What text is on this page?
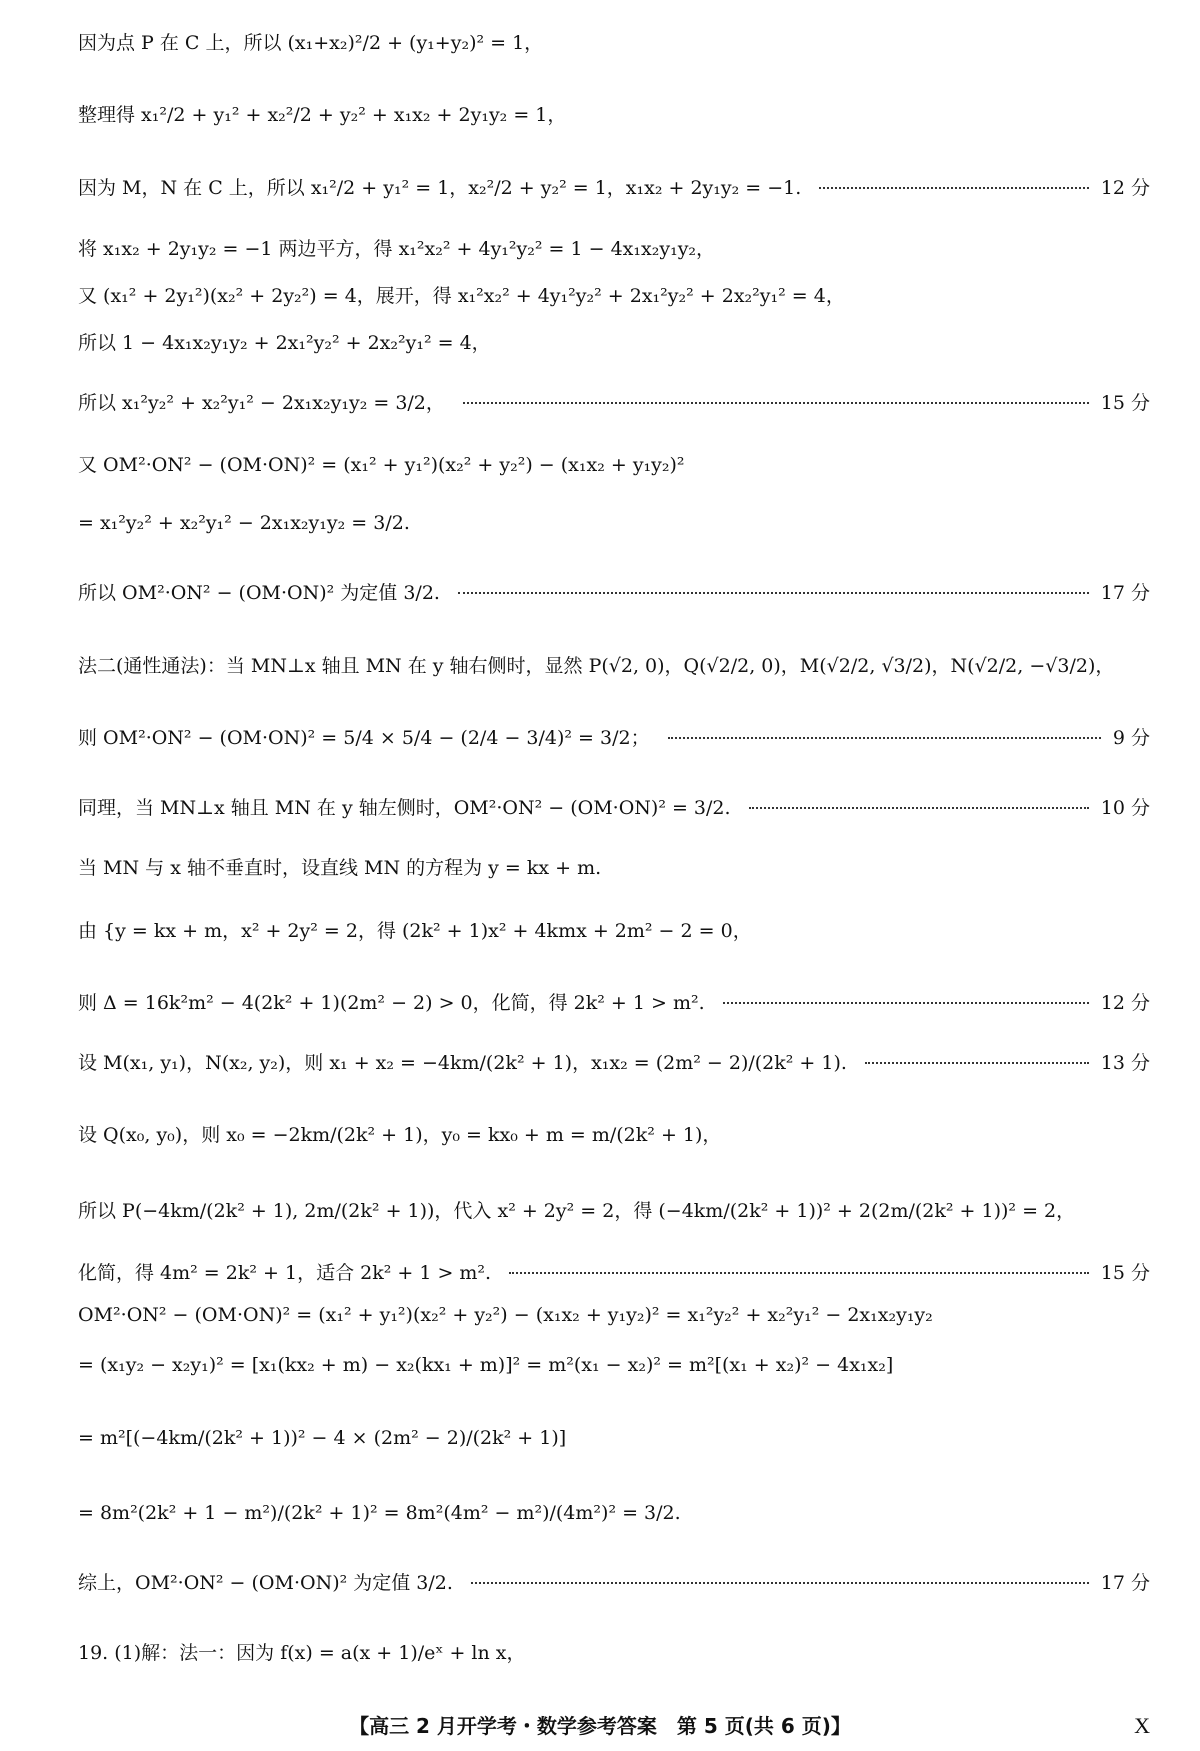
因为点 P 在 C 上，所以 (x₁+x₂)²/2 + (y₁+y₂)² = 1，
整理得 x₁²/2 + y₁² + x₂²/2 + y₂² + x₁x₂ + 2y₁y₂ = 1，
因为 M，N 在 C 上，所以 x₁²/2 + y₁² = 1，x₂²/2 + y₂² = 1，x₁x₂ + 2y₁y₂ = −1.	12 分
将 x₁x₂ + 2y₁y₂ = −1 两边平方，得 x₁²x₂² + 4y₁²y₂² = 1 − 4x₁x₂y₁y₂，
又 (x₁² + 2y₁²)(x₂² + 2y₂²) = 4，展开，得 x₁²x₂² + 4y₁²y₂² + 2x₁²y₂² + 2x₂²y₁² = 4，
所以 1 − 4x₁x₂y₁y₂ + 2x₁²y₂² + 2x₂²y₁² = 4，
所以 x₁²y₂² + x₂²y₁² − 2x₁x₂y₁y₂ = 3/2，	15 分
又 OM²·ON² − (OM·ON)² = (x₁² + y₁²)(x₂² + y₂²) − (x₁x₂ + y₁y₂)²
= x₁²y₂² + x₂²y₁² − 2x₁x₂y₁y₂ = 3/2.
所以 OM²·ON² − (OM·ON)² 为定值 3/2.	17 分
法二(通性通法)：当 MN⊥x 轴且 MN 在 y 轴右侧时，显然 P(√2, 0)，Q(√2/2, 0)，M(√2/2, √3/2)，N(√2/2, −√3/2)，
则 OM²·ON² − (OM·ON)² = 5/4 × 5/4 − (2/4 − 3/4)² = 3/2；	9 分
同理，当 MN⊥x 轴且 MN 在 y 轴左侧时，OM²·ON² − (OM·ON)² = 3/2.	10 分
当 MN 与 x 轴不垂直时，设直线 MN 的方程为 y = kx + m.
由 {y = kx + m，x² + 2y² = 2，得 (2k² + 1)x² + 4kmx + 2m² − 2 = 0，
则 Δ = 16k²m² − 4(2k² + 1)(2m² − 2) > 0，化简，得 2k² + 1 > m².	12 分
设 M(x₁, y₁)，N(x₂, y₂)，则 x₁ + x₂ = −4km/(2k² + 1)，x₁x₂ = (2m² − 2)/(2k² + 1).	13 分
设 Q(x₀, y₀)，则 x₀ = −2km/(2k² + 1)，y₀ = kx₀ + m = m/(2k² + 1)，
所以 P(−4km/(2k² + 1), 2m/(2k² + 1))，代入 x² + 2y² = 2，得 (−4km/(2k² + 1))² + 2(2m/(2k² + 1))² = 2，
化简，得 4m² = 2k² + 1，适合 2k² + 1 > m².	15 分
OM²·ON² − (OM·ON)² = (x₁² + y₁²)(x₂² + y₂²) − (x₁x₂ + y₁y₂)² = x₁²y₂² + x₂²y₁² − 2x₁x₂y₁y₂
= (x₁y₂ − x₂y₁)² = [x₁(kx₂ + m) − x₂(kx₁ + m)]² = m²(x₁ − x₂)² = m²[(x₁ + x₂)² − 4x₁x₂]
= m²[(−4km/(2k² + 1))² − 4 × (2m² − 2)/(2k² + 1)]
= 8m²(2k² + 1 − m²)/(2k² + 1)² = 8m²(4m² − m²)/(4m²)² = 3/2.
综上，OM²·ON² − (OM·ON)² 为定值 3/2.	17 分
19. (1)解：法一：因为 f(x) = a(x + 1)/eˣ + ln x，
【高三 2 月开学考・数学参考答案　第 5 页(共 6 页)】	X
